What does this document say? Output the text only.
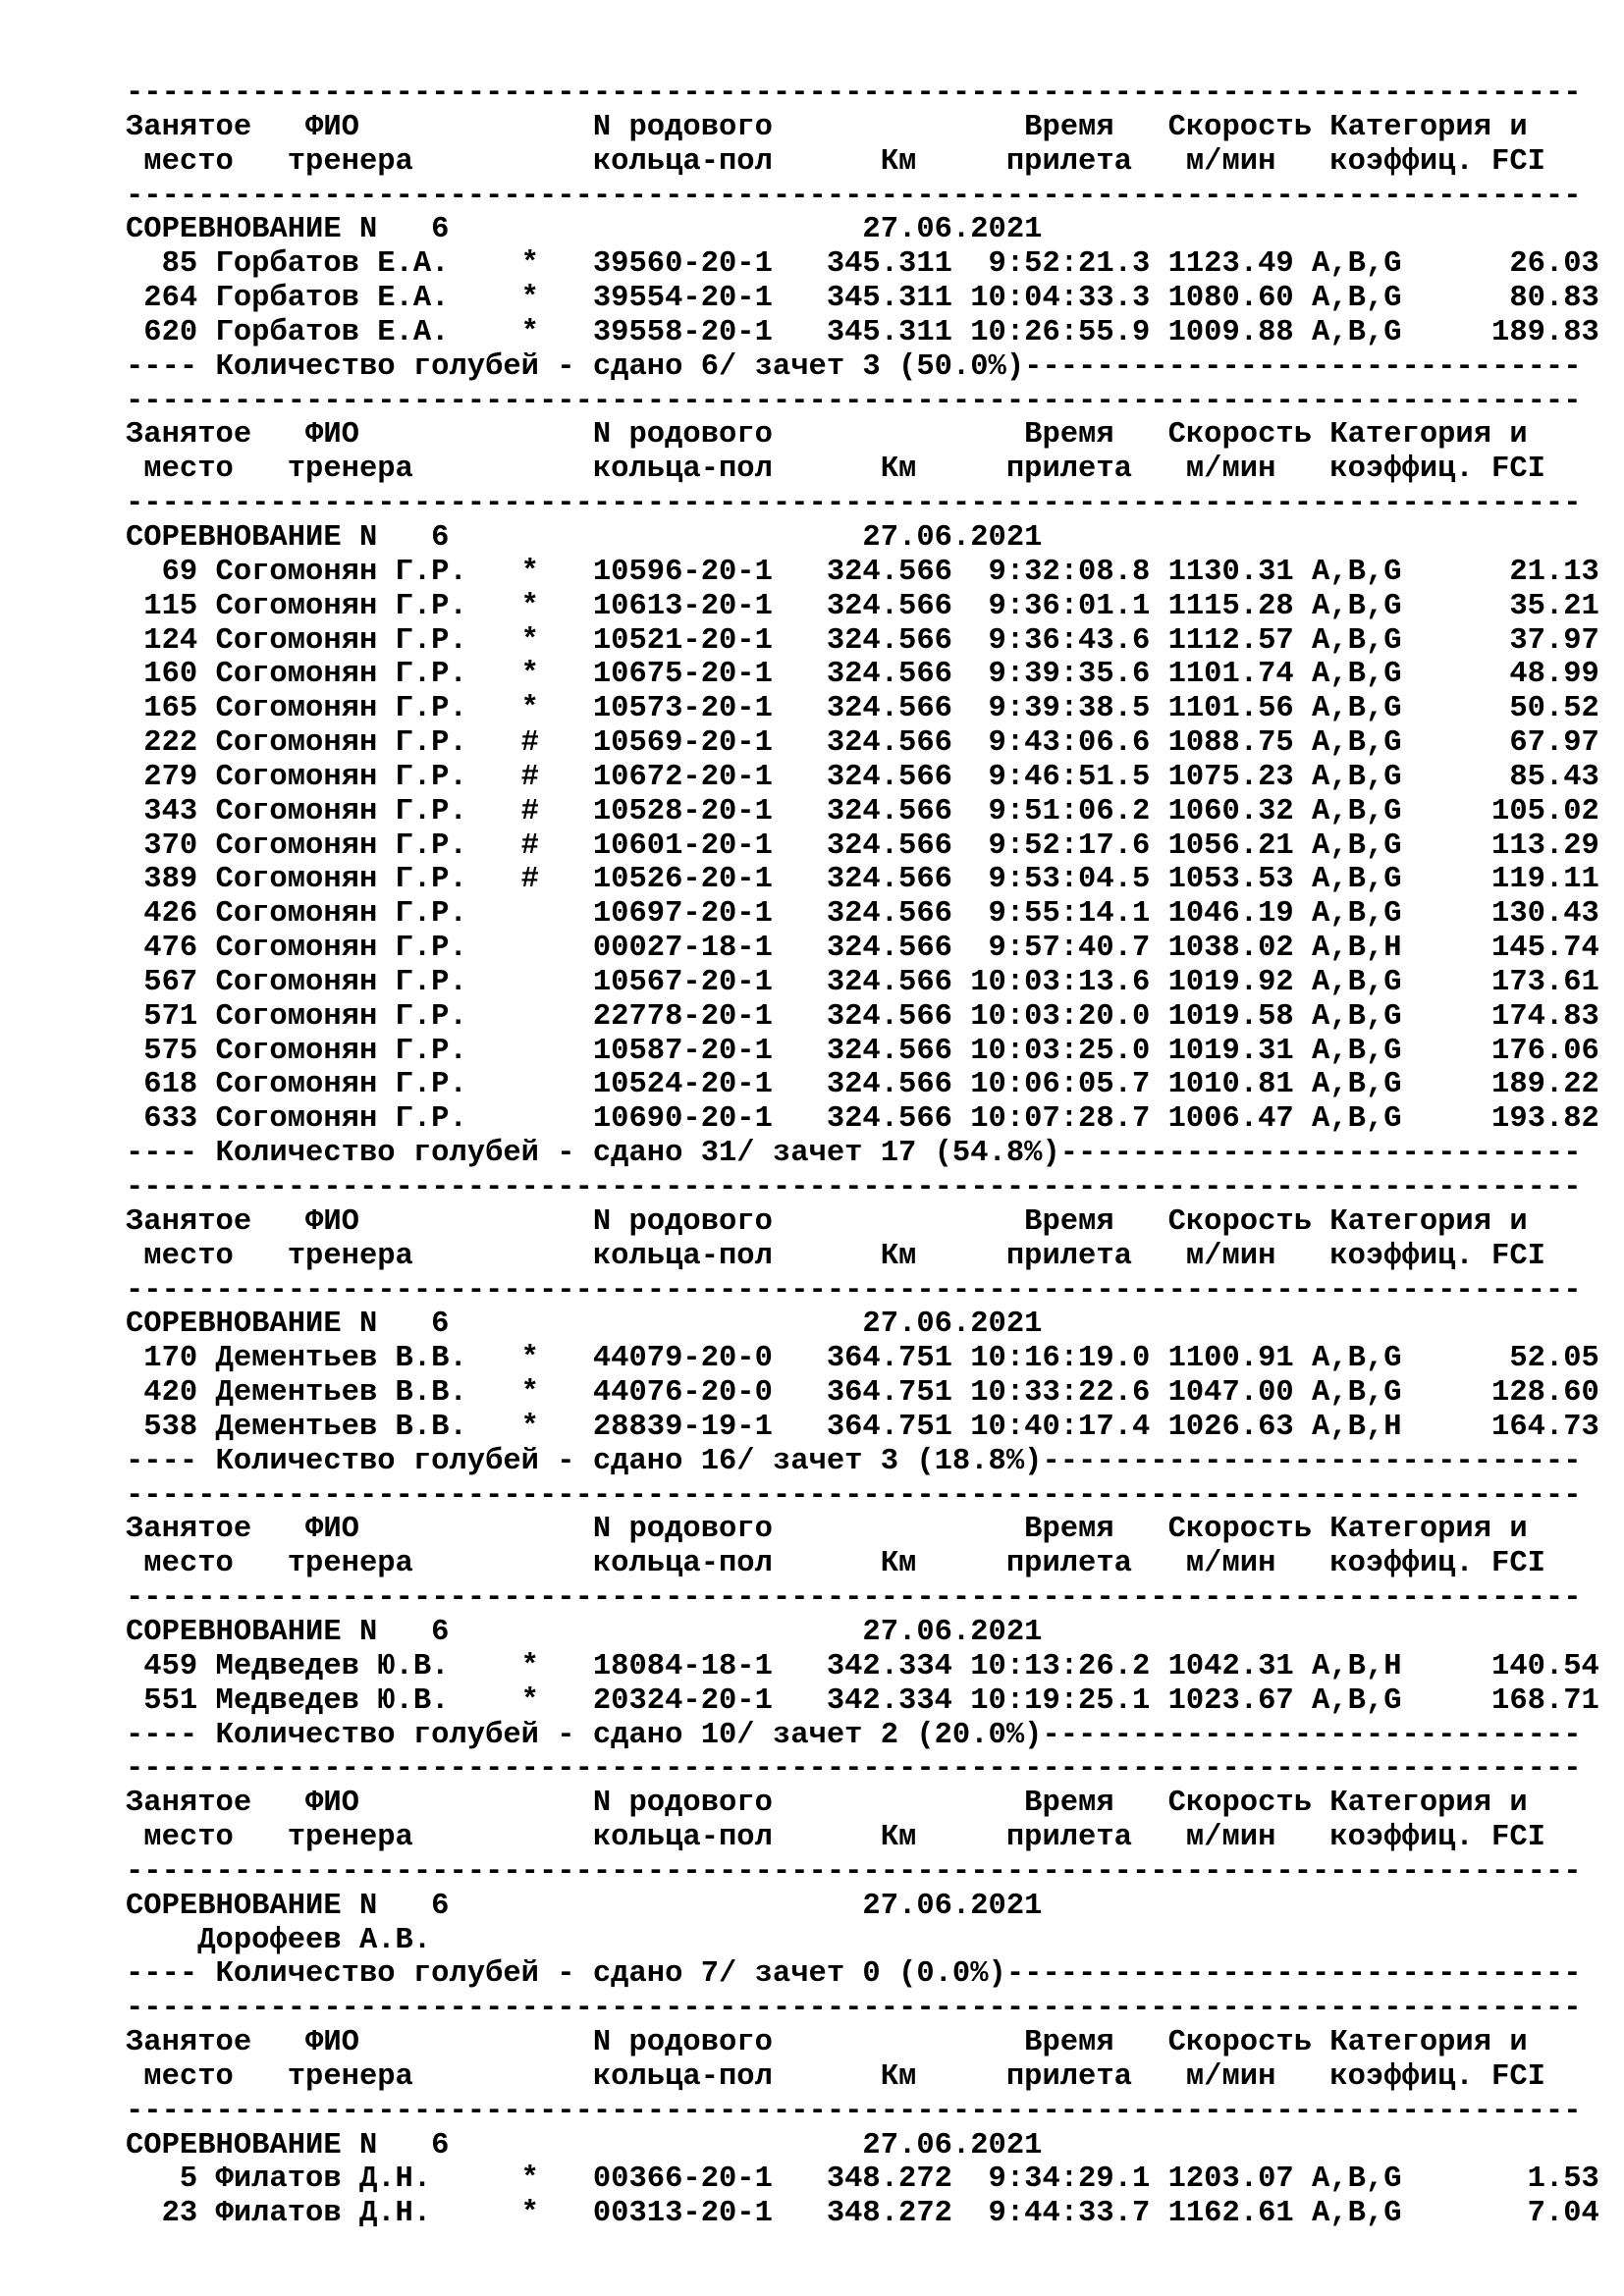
---------------------------------------------------------------------------------
Занятое   ФИО             N родового              Время   Скорость Категория и
место   тренера          кольца-пол      Км     прилета   м/мин   коэффиц. FCI
---------------------------------------------------------------------------------
СОРЕВНОВАНИЕ N   6                       27.06.2021
85 Горбатов Е.А.    *   39560-20-1   345.311  9:52:21.3 1123.49 A,B,G      26.03
264 Горбатов Е.А.    *   39554-20-1   345.311 10:04:33.3 1080.60 A,B,G      80.83
620 Горбатов Е.А.    *   39558-20-1   345.311 10:26:55.9 1009.88 A,B,G     189.83
---- Количество голубей - сдано 6/ зачет 3 (50.0%)-------------------------------
---------------------------------------------------------------------------------
Занятое   ФИО             N родового              Время   Скорость Категория и
место   тренера          кольца-пол      Км     прилета   м/мин   коэффиц. FCI
---------------------------------------------------------------------------------
СОРЕВНОВАНИЕ N   6                       27.06.2021
69 Согомонян Г.Р.   *   10596-20-1   324.566  9:32:08.8 1130.31 A,B,G      21.13
115 Согомонян Г.Р.   *   10613-20-1   324.566  9:36:01.1 1115.28 A,B,G      35.21
124 Согомонян Г.Р.   *   10521-20-1   324.566  9:36:43.6 1112.57 A,B,G      37.97
160 Согомонян Г.Р.   *   10675-20-1   324.566  9:39:35.6 1101.74 A,B,G      48.99
165 Согомонян Г.Р.   *   10573-20-1   324.566  9:39:38.5 1101.56 A,B,G      50.52
222 Согомонян Г.Р.   #   10569-20-1   324.566  9:43:06.6 1088.75 A,B,G      67.97
279 Согомонян Г.Р.   #   10672-20-1   324.566  9:46:51.5 1075.23 A,B,G      85.43
343 Согомонян Г.Р.   #   10528-20-1   324.566  9:51:06.2 1060.32 A,B,G     105.02
370 Согомонян Г.Р.   #   10601-20-1   324.566  9:52:17.6 1056.21 A,B,G     113.29
389 Согомонян Г.Р.   #   10526-20-1   324.566  9:53:04.5 1053.53 A,B,G     119.11
426 Согомонян Г.Р.       10697-20-1   324.566  9:55:14.1 1046.19 A,B,G     130.43
476 Согомонян Г.Р.       00027-18-1   324.566  9:57:40.7 1038.02 A,B,H     145.74
567 Согомонян Г.Р.       10567-20-1   324.566 10:03:13.6 1019.92 A,B,G     173.61
571 Согомонян Г.Р.       22778-20-1   324.566 10:03:20.0 1019.58 A,B,G     174.83
575 Согомонян Г.Р.       10587-20-1   324.566 10:03:25.0 1019.31 A,B,G     176.06
618 Согомонян Г.Р.       10524-20-1   324.566 10:06:05.7 1010.81 A,B,G     189.22
633 Согомонян Г.Р.       10690-20-1   324.566 10:07:28.7 1006.47 A,B,G     193.82
---- Количество голубей - сдано 31/ зачет 17 (54.8%)-----------------------------
---------------------------------------------------------------------------------
Занятое   ФИО             N родового              Время   Скорость Категория и
место   тренера          кольца-пол      Км     прилета   м/мин   коэффиц. FCI
---------------------------------------------------------------------------------
СОРЕВНОВАНИЕ N   6                       27.06.2021
170 Дементьев В.В.   *   44079-20-0   364.751 10:16:19.0 1100.91 A,B,G      52.05
420 Дементьев В.В.   *   44076-20-0   364.751 10:33:22.6 1047.00 A,B,G     128.60
538 Дементьев В.В.   *   28839-19-1   364.751 10:40:17.4 1026.63 A,B,H     164.73
---- Количество голубей - сдано 16/ зачет 3 (18.8%)------------------------------
---------------------------------------------------------------------------------
Занятое   ФИО             N родового              Время   Скорость Категория и
место   тренера          кольца-пол      Км     прилета   м/мин   коэффиц. FCI
---------------------------------------------------------------------------------
СОРЕВНОВАНИЕ N   6                       27.06.2021
459 Медведев Ю.В.    *   18084-18-1   342.334 10:13:26.2 1042.31 A,B,H     140.54
551 Медведев Ю.В.    *   20324-20-1   342.334 10:19:25.1 1023.67 A,B,G     168.71
---- Количество голубей - сдано 10/ зачет 2 (20.0%)------------------------------
---------------------------------------------------------------------------------
Занятое   ФИО             N родового              Время   Скорость Категория и
место   тренера          кольца-пол      Км     прилета   м/мин   коэффиц. FCI
---------------------------------------------------------------------------------
СОРЕВНОВАНИЕ N   6                       27.06.2021
Дорофеев А.В.
---- Количество голубей - сдано 7/ зачет 0 (0.0%)--------------------------------
---------------------------------------------------------------------------------
Занятое   ФИО             N родового              Время   Скорость Категория и
место   тренера          кольца-пол      Км     прилета   м/мин   коэффиц. FCI
---------------------------------------------------------------------------------
СОРЕВНОВАНИЕ N   6                       27.06.2021
5 Филатов Д.Н.     *   00366-20-1   348.272  9:34:29.1 1203.07 A,B,G       1.53
23 Филатов Д.Н.     *   00313-20-1   348.272  9:44:33.7 1162.61 A,B,G       7.04
